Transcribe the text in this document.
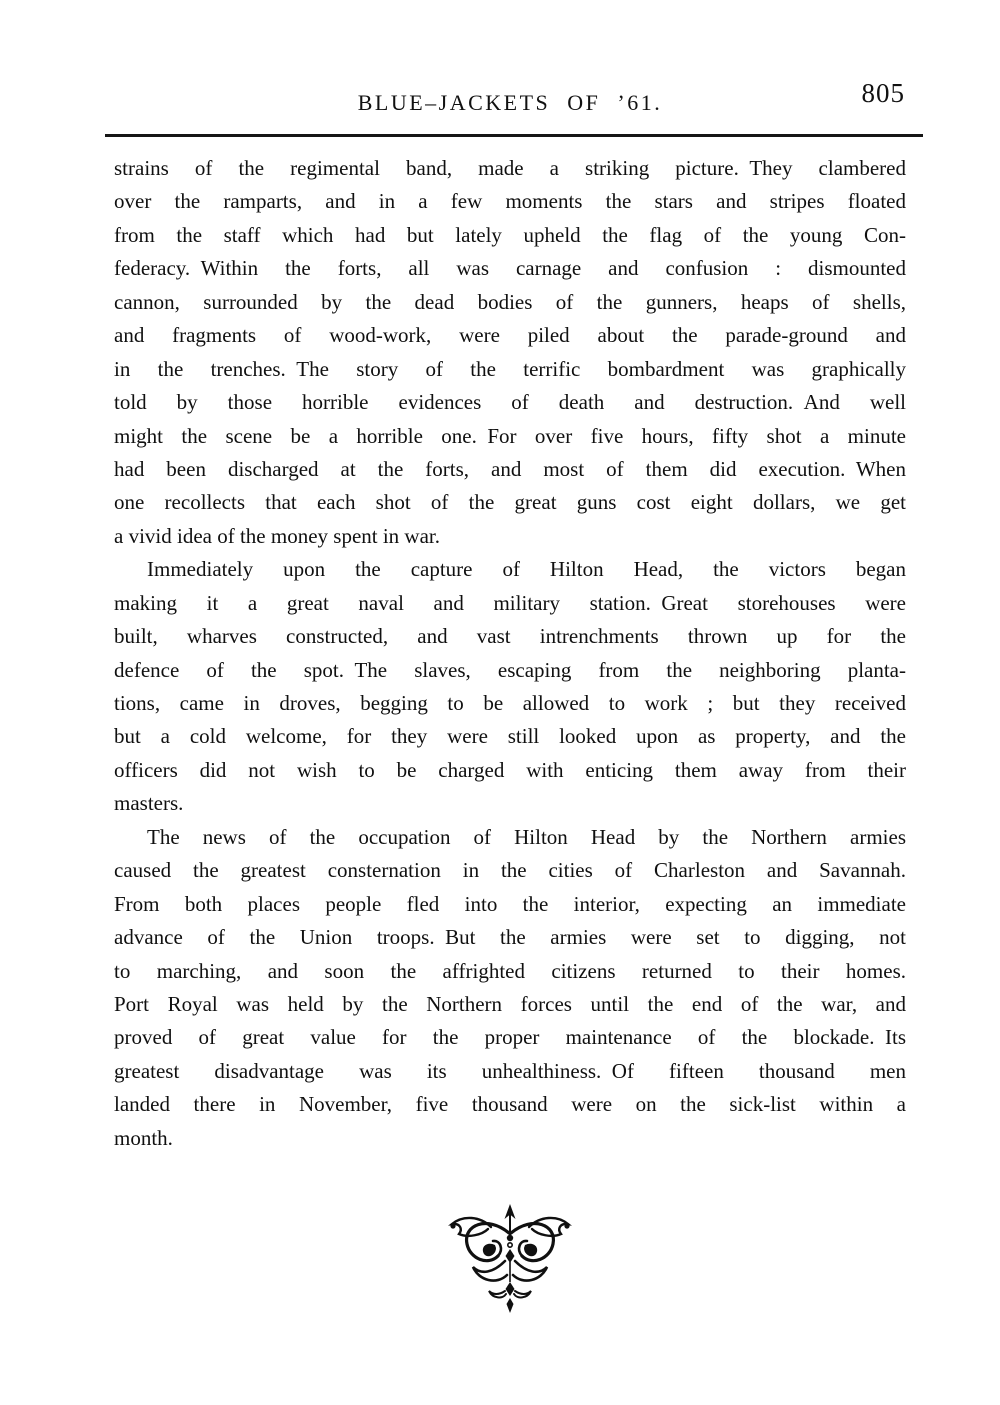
BLUE–JACKETS OF ’61.	805
strains of the regimental band, made a striking picture. They clambered
over the ramparts, and in a few moments the stars and stripes floated
from the staff which had but lately upheld the flag of the young Con-
federacy. Within the forts, all was carnage and confusion : dismounted
cannon, surrounded by the dead bodies of the gunners, heaps of shells,
and fragments of wood-work, were piled about the parade-ground and
in the trenches. The story of the terrific bombardment was graphically
told by those horrible evidences of death and destruction. And well
might the scene be a horrible one. For over five hours, fifty shot a minute
had been discharged at the forts, and most of them did execution. When
one recollects that each shot of the great guns cost eight dollars, we get
a vivid idea of the money spent in war.
Immediately upon the capture of Hilton Head, the victors began
making it a great naval and military station. Great storehouses were
built, wharves constructed, and vast intrenchments thrown up for the
defence of the spot. The slaves, escaping from the neighboring planta-
tions, came in droves, begging to be allowed to work ; but they received
but a cold welcome, for they were still looked upon as property, and the
officers did not wish to be charged with enticing them away from their
masters.
The news of the occupation of Hilton Head by the Northern armies
caused the greatest consternation in the cities of Charleston and Savannah.
From both places people fled into the interior, expecting an immediate
advance of the Union troops. But the armies were set to digging, not
to marching, and soon the affrighted citizens returned to their homes.
Port Royal was held by the Northern forces until the end of the war, and
proved of great value for the proper maintenance of the blockade. Its
greatest disadvantage was its unhealthiness. Of fifteen thousand men
landed there in November, five thousand were on the sick-list within a
month.
